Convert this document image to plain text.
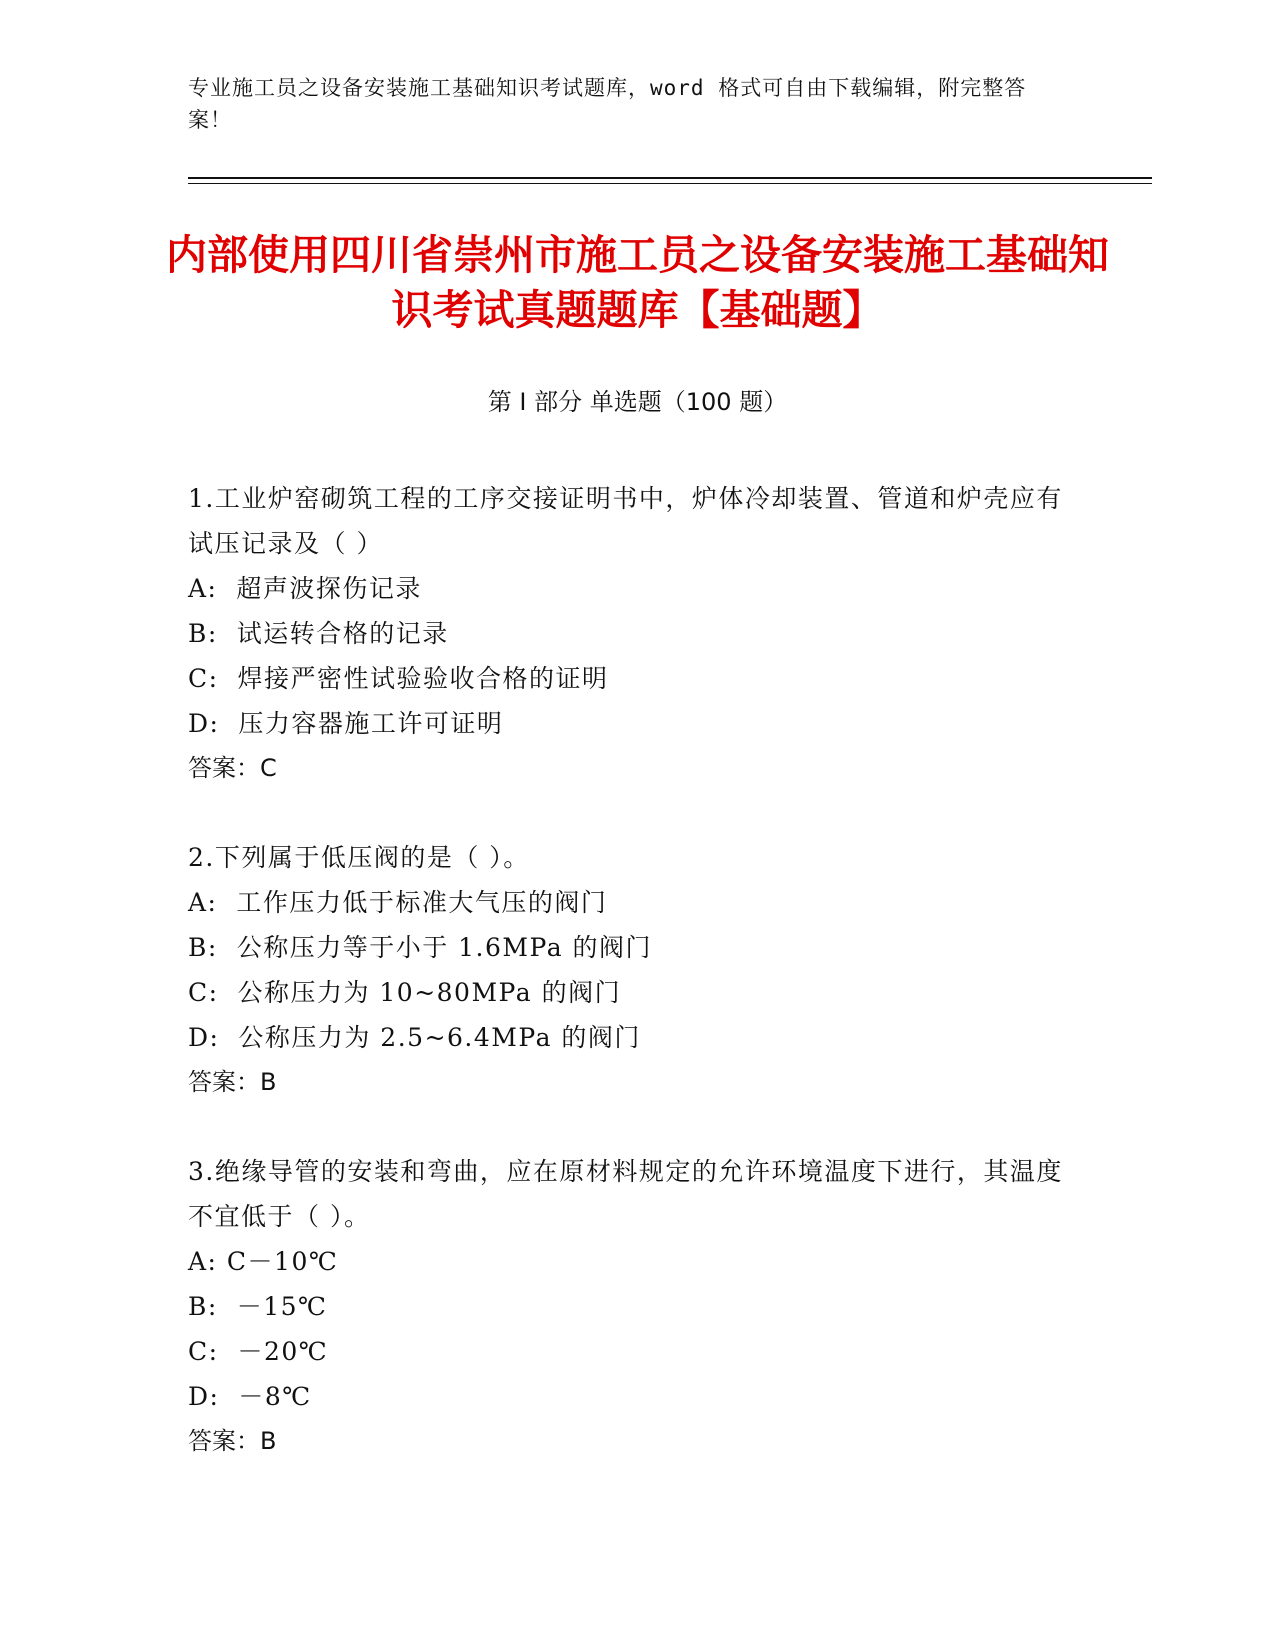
专业施工员之设备安装施工基础知识考试题库，word 格式可自由下载编辑，附完整答案！
内部使用四川省崇州市施工员之设备安装施工基础知识考试真题题库【基础题】
第 I 部分 单选题（100 题）

1.工业炉窑砌筑工程的工序交接证明书中，炉体冷却装置、管道和炉壳应有试压记录及（ ）

A:  超声波探伤记录
B:  试运转合格的记录
C:  焊接严密性试验验收合格的证明
D:  压力容器施工许可证明
答案：C

2.下列属于低压阀的是（ ）。

A:  工作压力低于标准大气压的阀门
B:  公称压力等于小于 1.6MPa 的阀门
C:  公称压力为 10~80MPa 的阀门
D:  公称压力为 2.5~6.4MPa 的阀门
答案：B

3.绝缘导管的安装和弯曲，应在原材料规定的允许环境温度下进行，其温度不宜低于（ ）。

A: C－10℃
B:  －15℃
C:  －20℃
D:  －8℃
答案：B
